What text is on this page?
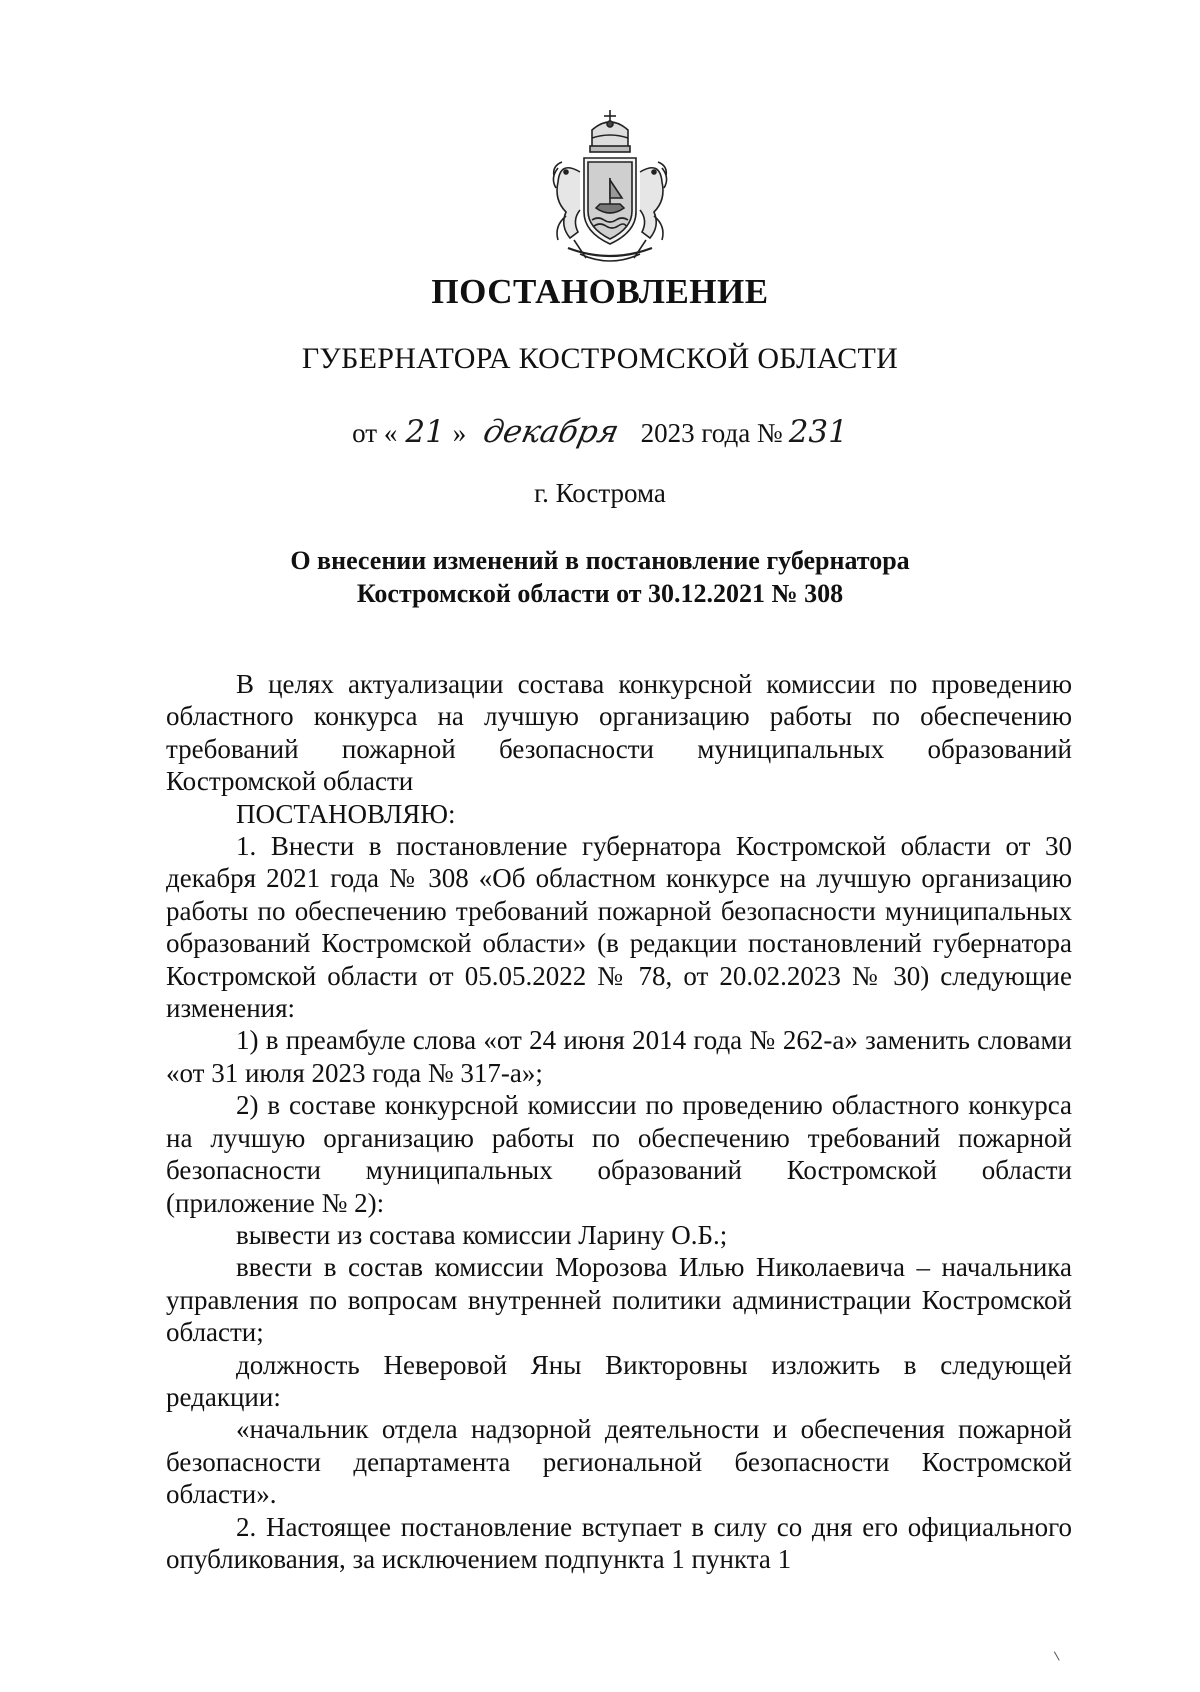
ПОСТАНОВЛЕНИЕ
ГУБЕРНАТОРА КОСТРОМСКОЙ ОБЛАСТИ
от « 21 » декабря 2023 года № 231
г. Кострома
О внесении изменений в постановление губернатора
Костромской области от 30.12.2021 № 308

В целях актуализации состава конкурсной комиссии по проведению областного конкурса на лучшую организацию работы по обеспечению требований пожарной безопасности муниципальных образований Костромской области

ПОСТАНОВЛЯЮ:

1. Внести в постановление губернатора Костромской области от 30 декабря 2021 года № 308 «Об областном конкурсе на лучшую организацию работы по обеспечению требований пожарной безопасности муниципальных образований Костромской области» (в редакции постановлений губернатора Костромской области от 05.05.2022 № 78, от 20.02.2023 № 30) следующие изменения:

1) в преамбуле слова «от 24 июня 2014 года № 262-а» заменить словами «от 31 июля 2023 года № 317-а»;

2) в составе конкурсной комиссии по проведению областного конкурса на лучшую организацию работы по обеспечению требований пожарной безопасности муниципальных образований Костромской области (приложение № 2):

вывести из состава комиссии Ларину О.Б.;

ввести в состав комиссии Морозова Илью Николаевича – начальника управления по вопросам внутренней политики администрации Костромской области;

должность Неверовой Яны Викторовны изложить в следующей редакции:

«начальник отдела надзорной деятельности и обеспечения пожарной безопасности департамента региональной безопасности Костромской области».

2. Настоящее постановление вступает в силу со дня его официального опубликования, за исключением подпункта 1 пункта 1
